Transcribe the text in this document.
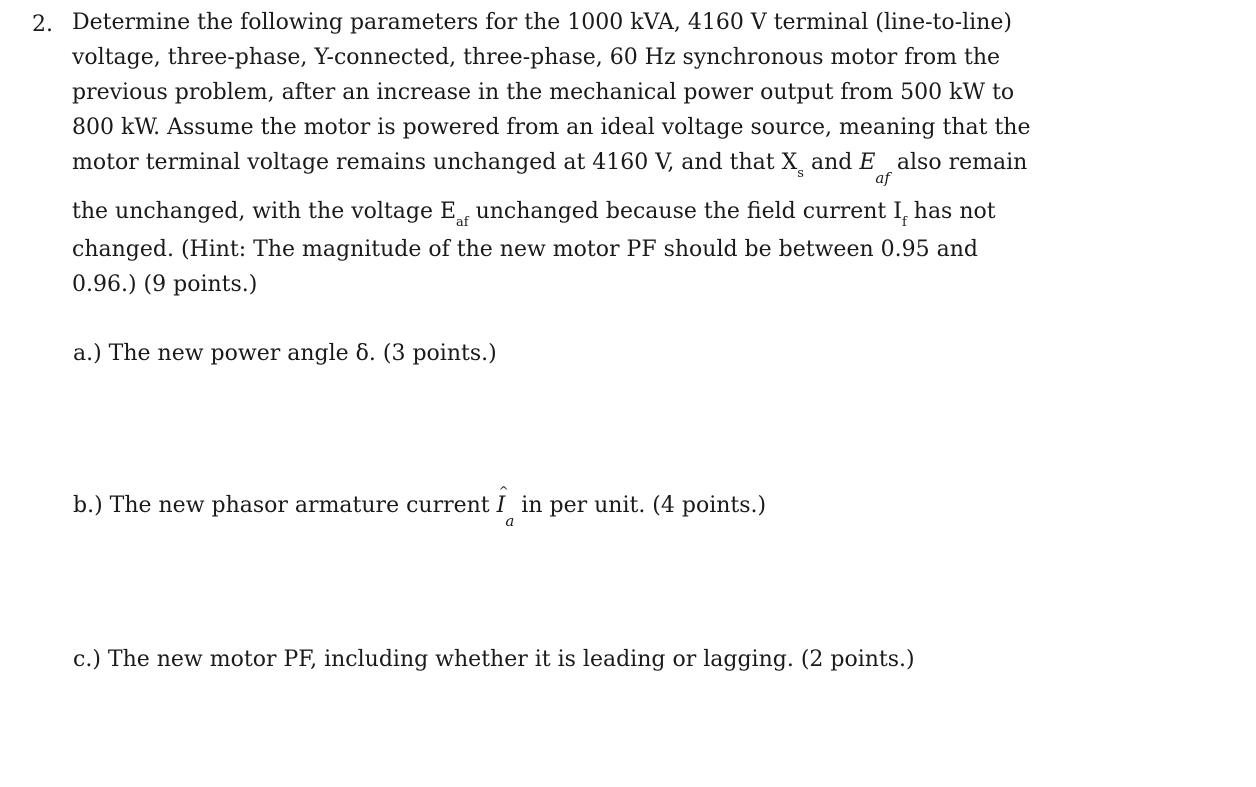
2. Determine the following parameters for the 1000 kVA, 4160 V terminal (line-to-line)
voltage, three-phase, Y-connected, three-phase, 60 Hz synchronous motor from the
previous problem, after an increase in the mechanical power output from 500 kW to
800 kW. Assume the motor is powered from an ideal voltage source, meaning that the
motor terminal voltage remains unchanged at 4160 V, and that $X_s$ and $E_{af}$ also remain
the unchanged, with the voltage $E_{af}$ unchanged because the field current $I_f$ has not
changed. (Hint: The magnitude of the new motor PF should be between 0.95 and
0.96.) (9 points.)
a.) The new power angle δ. (3 points.)
b.) The new phasor armature current
^
$I_a$ in per unit. (4 points.)
c.) The new motor PF, including whether it is leading or lagging. (2 points.)
